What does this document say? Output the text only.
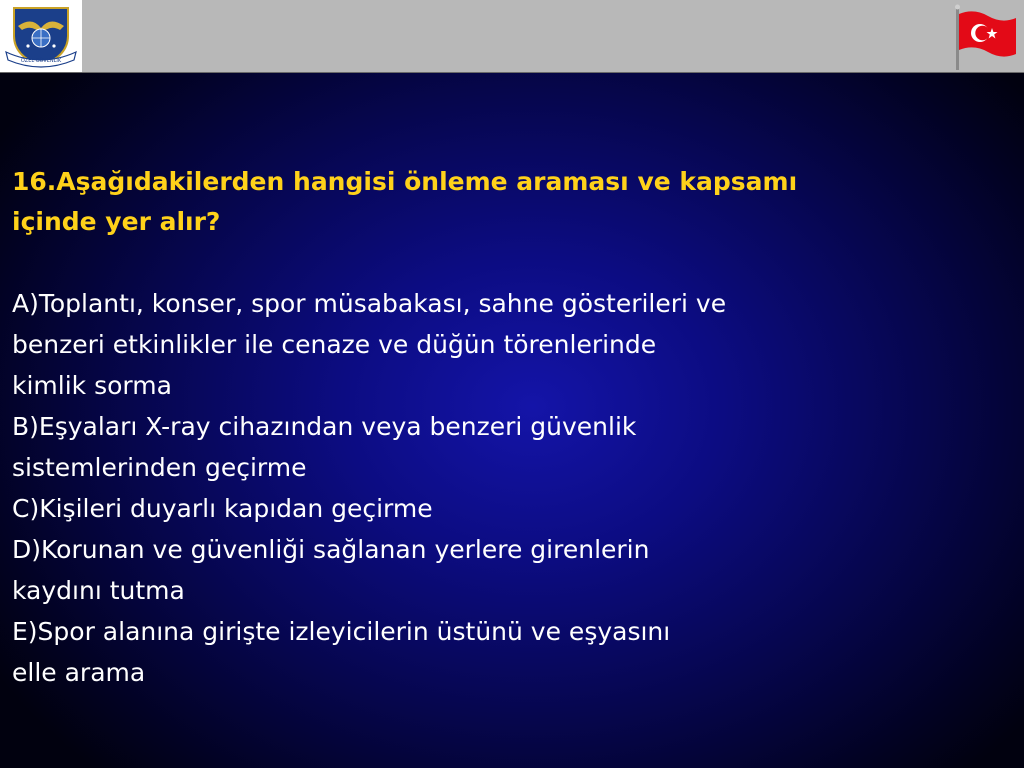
ÖZEL GÜVENLİK
16.Aşağıdakilerden hangisi önleme araması ve kapsamı
içinde yer alır?
A)Toplantı, konser, spor müsabakası, sahne gösterileri ve
benzeri etkinlikler ile cenaze ve düğün törenlerinde
kimlik sorma
B)Eşyaları X-ray cihazından veya benzeri güvenlik
sistemlerinden geçirme
C)Kişileri duyarlı kapıdan geçirme
D)Korunan ve güvenliği sağlanan yerlere girenlerin
kaydını tutma
E)Spor alanına girişte izleyicilerin üstünü ve eşyasını
elle arama
